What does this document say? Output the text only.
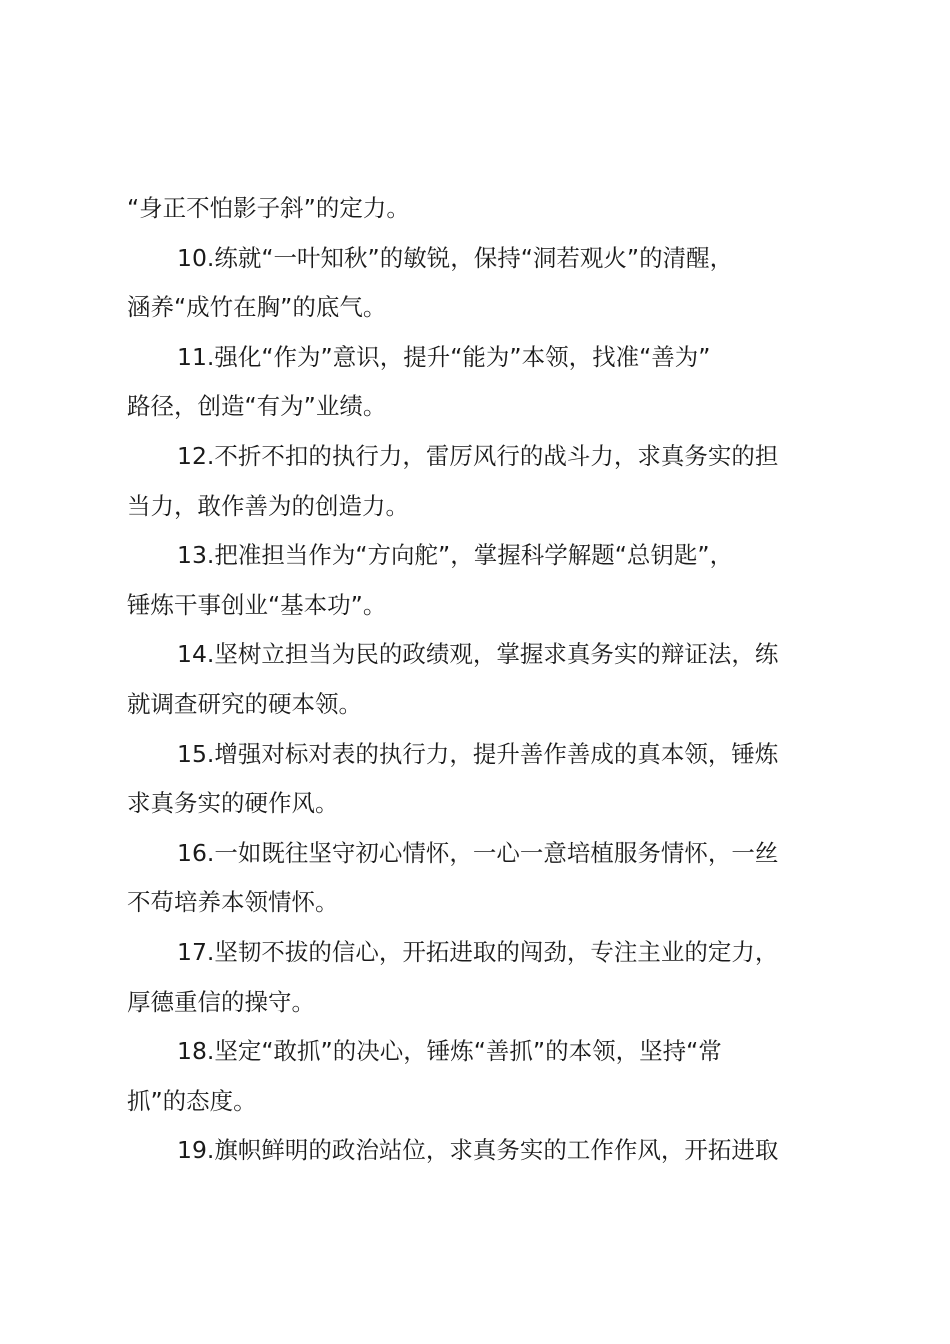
“身正不怕影子斜”的定力。
10.练就“一叶知秋”的敏锐，保持“洞若观火”的清醒，
涵养“成竹在胸”的底气。
11.强化“作为”意识，提升“能为”本领，找准“善为”
路径，创造“有为”业绩。
12.不折不扣的执行力，雷厉风行的战斗力，求真务实的担
当力，敢作善为的创造力。
13.把准担当作为“方向舵”，掌握科学解题“总钥匙”，
锤炼干事创业“基本功”。
14.坚树立担当为民的政绩观，掌握求真务实的辩证法，练
就调查研究的硬本领。
15.增强对标对表的执行力，提升善作善成的真本领，锤炼
求真务实的硬作风。
16.一如既往坚守初心情怀，一心一意培植服务情怀，一丝
不苟培养本领情怀。
17.坚韧不拔的信心，开拓进取的闯劲，专注主业的定力，
厚德重信的操守。
18.坚定“敢抓”的决心，锤炼“善抓”的本领，坚持“常
抓”的态度。
19.旗帜鲜明的政治站位，求真务实的工作作风，开拓进取
